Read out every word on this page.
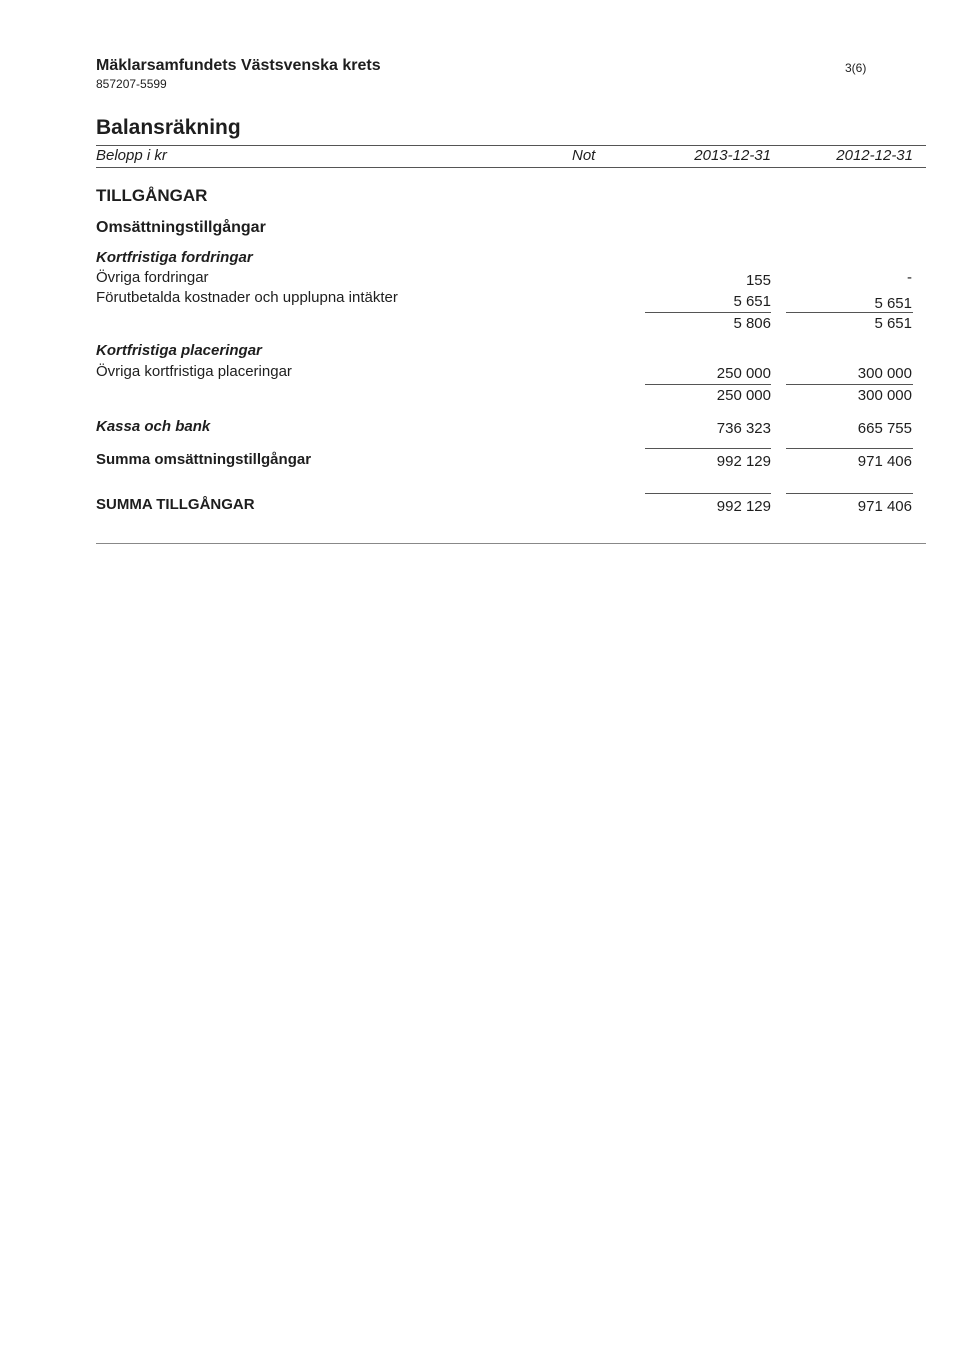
Mäklarsamfundets Västsvenska krets
857207-5599
3(6)
Balansräkning
Belopp i kr	Not	2013-12-31	2012-12-31
TILLGÅNGAR
Omsättningstillgångar
Kortfristiga fordringar
Övriga fordringar	155	-
Förutbetalda kostnader och upplupna intäkter	5 651	5 651
5 806	5 651
Kortfristiga placeringar
Övriga kortfristiga placeringar	250 000	300 000
250 000	300 000
Kassa och bank	736 323	665 755
Summa omsättningstillgångar	992 129	971 406
SUMMA TILLGÅNGAR	992 129	971 406
